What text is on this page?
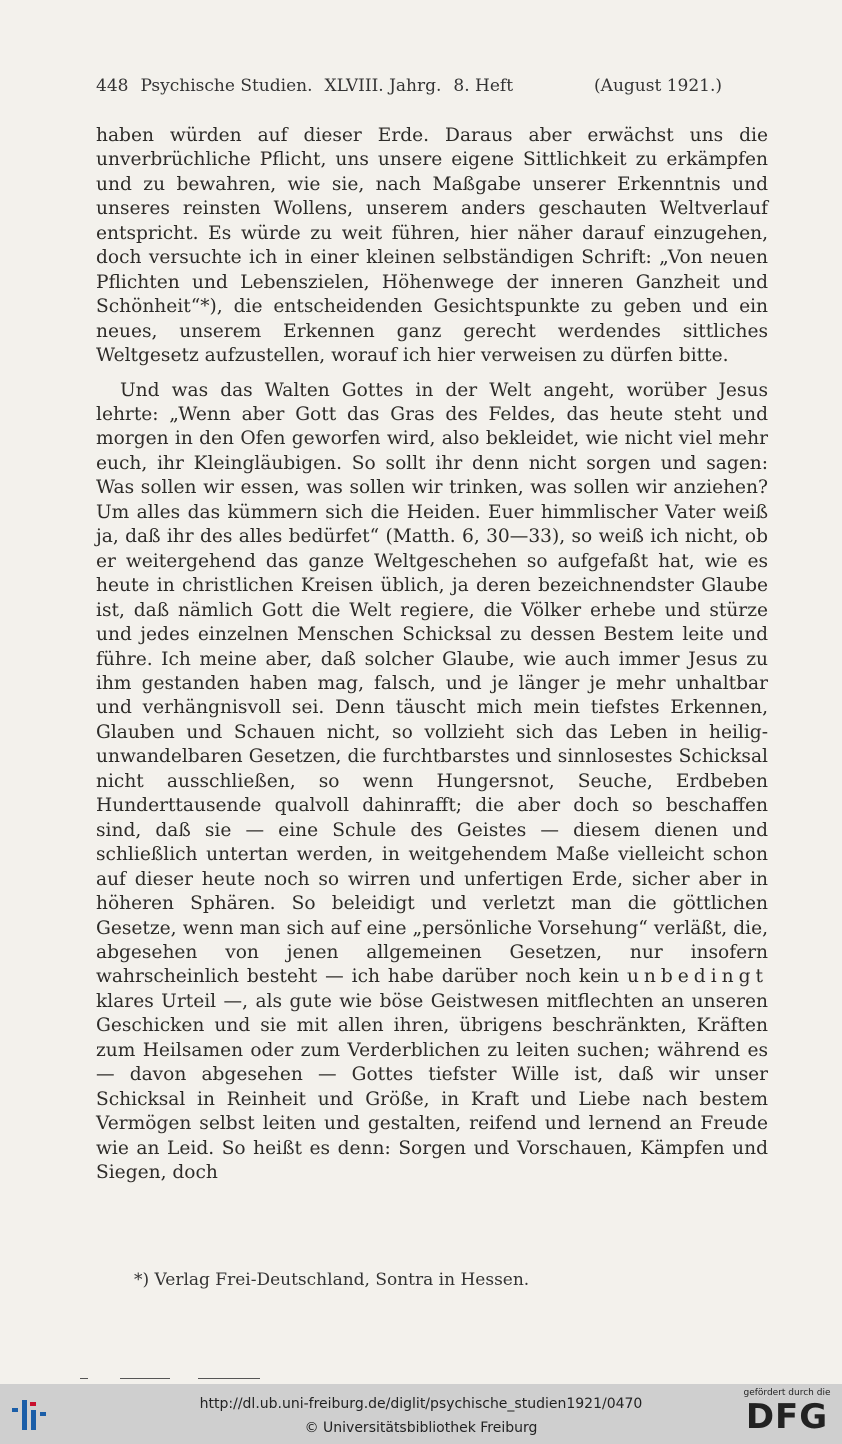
448 Psychische Studien. XLVIII. Jahrg. 8. Heft	(August 1921.)

haben würden auf dieser Erde. Daraus aber erwächst uns die unverbrüchliche Pflicht, uns unsere eigene Sittlichkeit zu erkämpfen und zu bewahren, wie sie, nach Maßgabe unserer Erkenntnis und unseres reinsten Wollens, unserem anders geschauten Weltverlauf entspricht. Es würde zu weit führen, hier näher darauf einzugehen, doch versuchte ich in einer kleinen selbständigen Schrift: „Von neuen Pflichten und Lebenszielen, Höhenwege der inneren Ganzheit und Schönheit“*), die entscheidenden Gesichtspunkte zu geben und ein neues, unserem Erkennen ganz gerecht werdendes sittliches Weltgesetz aufzustellen, worauf ich hier verweisen zu dürfen bitte.

Und was das Walten Gottes in der Welt angeht, worüber Jesus lehrte: „Wenn aber Gott das Gras des Feldes, das heute steht und morgen in den Ofen geworfen wird, also bekleidet, wie nicht viel mehr euch, ihr Kleingläubigen. So sollt ihr denn nicht sorgen und sagen: Was sollen wir essen, was sollen wir trinken, was sollen wir anziehen? Um alles das kümmern sich die Heiden. Euer himmlischer Vater weiß ja, daß ihr des alles bedürfet“ (Matth. 6, 30—33), so weiß ich nicht, ob er weitergehend das ganze Weltgeschehen so aufgefaßt hat, wie es heute in christlichen Kreisen üblich, ja deren bezeichnendster Glaube ist, daß nämlich Gott die Welt regiere, die Völker erhebe und stürze und jedes einzelnen Menschen Schicksal zu dessen Bestem leite und führe. Ich meine aber, daß solcher Glaube, wie auch immer Jesus zu ihm gestanden haben mag, falsch, und je länger je mehr unhaltbar und verhängnisvoll sei. Denn täuscht mich mein tiefstes Erkennen, Glauben und Schauen nicht, so vollzieht sich das Leben in heilig-unwandelbaren Gesetzen, die furchtbarstes und sinnlosestes Schicksal nicht ausschließen, so wenn Hungersnot, Seuche, Erdbeben Hunderttausende qualvoll dahinrafft; die aber doch so beschaffen sind, daß sie — eine Schule des Geistes — diesem dienen und schließlich untertan werden, in weitgehendem Maße vielleicht schon auf dieser heute noch so wirren und unfertigen Erde, sicher aber in höheren Sphären. So beleidigt und verletzt man die göttlichen Gesetze, wenn man sich auf eine „persönliche Vorsehung“ verläßt, die, abgesehen von jenen allgemeinen Gesetzen, nur insofern wahrscheinlich besteht — ich habe darüber noch kein unbedingt klares Urteil —, als gute wie böse Geistwesen mitflechten an unseren Geschicken und sie mit allen ihren, übrigens beschränkten, Kräften zum Heilsamen oder zum Verderblichen zu leiten suchen; während es — davon abgesehen — Gottes tiefster Wille ist, daß wir unser Schicksal in Reinheit und Größe, in Kraft und Liebe nach bestem Vermögen selbst leiten und gestalten, reifend und lernend an Freude wie an Leid. So heißt es denn: Sorgen und Vorschauen, Kämpfen und Siegen, doch

*) Verlag Frei-Deutschland, Sontra in Hessen.
http://dl.ub.uni-freiburg.de/diglit/psychische_studien1921/0470
© Universitätsbibliothek Freiburg
gefördert durch die
DFG
